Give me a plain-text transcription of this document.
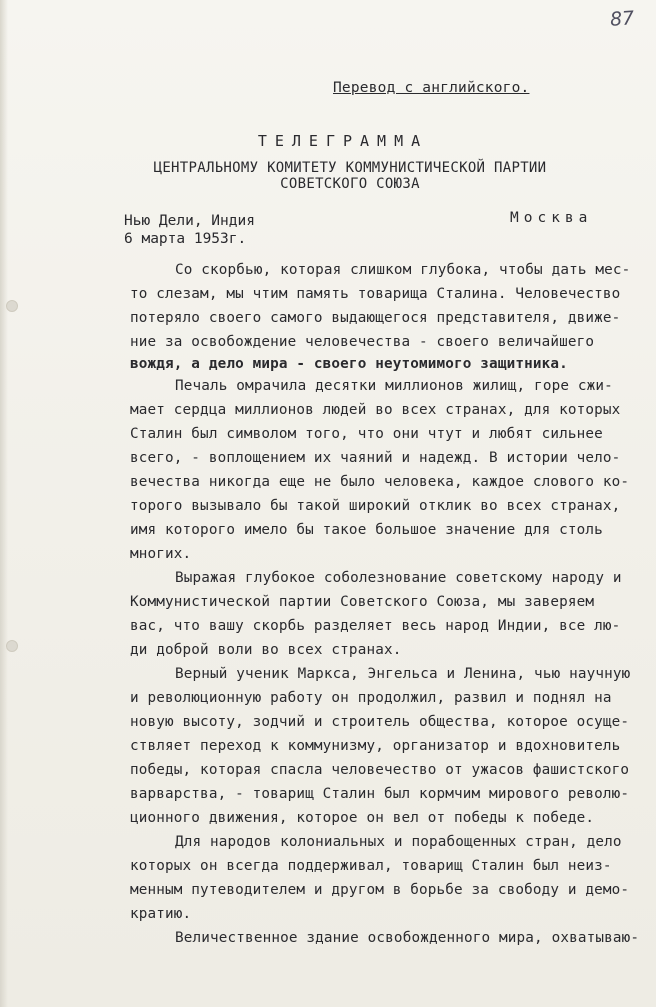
87
Перевод с английского.
ТЕЛЕГРАММА
ЦЕНТРАЛЬНОМУ КОМИТЕТУ КОММУНИСТИЧЕСКОЙ ПАРТИИ
СОВЕТСКОГО СОЮЗА
Нью Дели, Индия
6 марта 1953г.
Москва
Со скорбью, которая слишком глубока, чтобы дать мес-
то слезам, мы чтим память товарища Сталина. Человечество
потеряло своего самого выдающегося представителя, движе-
ние за освобождение человечества - своего величайшего
вождя, а дело мира - своего неутомимого защитника.
Печаль омрачила десятки миллионов жилищ, горе сжи-
мает сердца миллионов людей во всех странах, для которых
Сталин был символом того, что они чтут и любят сильнее
всего, - воплощением их чаяний и надежд. В истории чело-
вечества никогда еще не было человека, каждое слового ко-
торого вызывало бы такой широкий отклик во всех странах,
имя которого имело бы такое большое значение для столь
многих.
Выражая глубокое соболезнование советскому народу и
Коммунистической партии Советского Союза, мы заверяем
вас, что вашу скорбь разделяет весь народ Индии, все лю-
ди доброй воли во всех странах.
Верный ученик Маркса, Энгельса и Ленина, чью научную
и революционную работу он продолжил, развил и поднял на
новую высоту, зодчий и строитель общества, которое осуще-
ствляет переход к коммунизму, организатор и вдохновитель
победы, которая спасла человечество от ужасов фашистского
варварства, - товарищ Сталин был кормчим мирового револю-
ционного движения, которое он вел от победы к победе.
Для народов колониальных и порабощенных стран, дело
которых он всегда поддерживал, товарищ Сталин был неиз-
менным путеводителем и другом в борьбе за свободу и демо-
кратию.
Величественное здание освобожденного мира, охватываю-
